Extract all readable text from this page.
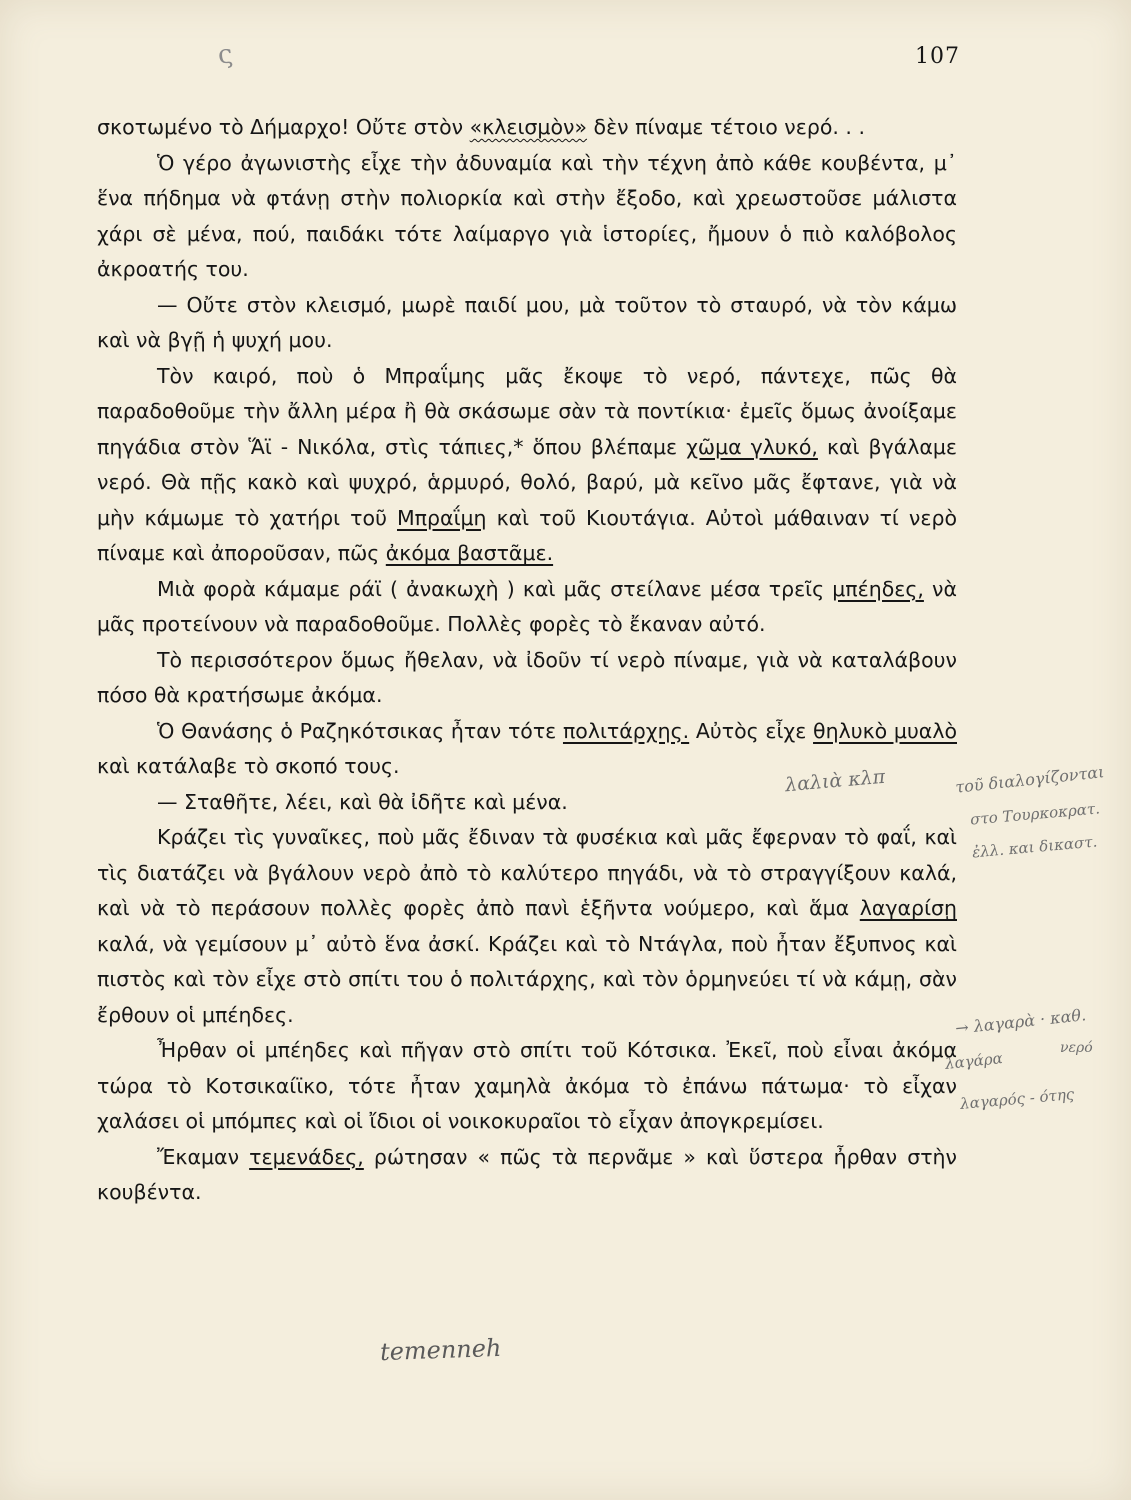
ς	107

σκοτωμένο τὸ Δήμαρχο! Οὔτε στὸν «κλεισμὸν» δὲν πίναμε τέτοιο νερό. . .

Ὁ γέρο ἀγωνιστὴς εἶχε τὴν ἀδυναμία καὶ τὴν τέχνη ἀπὸ κάθε κουβέντα, μ᾽ ἕνα πήδημα νὰ φτάνῃ στὴν πολιορκία καὶ στὴν ἔξοδο, καὶ χρεωστοῦσε μάλιστα χάρι σὲ μένα, πού, παιδάκι τότε λαίμαργο γιὰ ἱστορίες, ἤμουν ὁ πιὸ καλόβολος ἀκροατής του.

— Οὔτε στὸν κλεισμό, μωρὲ παιδί μου, μὰ τοῦτον τὸ σταυρό, νὰ τὸν κάμω καὶ νὰ βγῇ ἡ ψυχή μου.

Τὸν καιρό, ποὺ ὁ Μπραΐμης μᾶς ἔκοψε τὸ νερό, πάντεχε, πῶς θὰ παραδοθοῦμε τὴν ἄλλη μέρα ἢ θὰ σκάσωμε σὰν τὰ ποντίκια· ἐμεῖς ὅμως ἀνοίξαμε πηγάδια στὸν Ἅϊ - Νικόλα, στὶς τάπιες,* ὅπου βλέπαμε χῶμα γλυκό, καὶ βγάλαμε νερό. Θὰ πῇς κακὸ καὶ ψυχρό, ἁρμυρό, θολό, βαρύ, μὰ κεῖνο μᾶς ἔφτανε, γιὰ νὰ μὴν κάμωμε τὸ χατήρι τοῦ Μπραΐμη καὶ τοῦ Κιουτάγια. Αὐτοὶ μάθαιναν τί νερὸ πίναμε καὶ ἀποροῦσαν, πῶς ἀκόμα βαστᾶμε.

Μιὰ φορὰ κάμαμε ράϊ ( ἀνακωχὴ ) καὶ μᾶς στείλανε μέσα τρεῖς μπέηδες, νὰ μᾶς προτείνουν νὰ παραδοθοῦμε. Πολλὲς φορὲς τὸ ἔκαναν αὐτό.

Τὸ περισσότερον ὅμως ἤθελαν, νὰ ἰδοῦν τί νερὸ πίναμε, γιὰ νὰ καταλάβουν πόσο θὰ κρατήσωμε ἀκόμα.

Ὁ Θανάσης ὁ Ραζηκότσικας ἦταν τότε πολιτάρχης. Αὐτὸς εἶχε θηλυκὸ μυαλὸ καὶ κατάλαβε τὸ σκοπό τους.

— Σταθῆτε, λέει, καὶ θὰ ἰδῆτε καὶ μένα.

Κράζει τὶς γυναῖκες, ποὺ μᾶς ἔδιναν τὰ φυσέκια καὶ μᾶς ἔφερναν τὸ φαΐ, καὶ τὶς διατάζει νὰ βγάλουν νερὸ ἀπὸ τὸ καλύτερο πηγάδι, νὰ τὸ στραγγίξουν καλά, καὶ νὰ τὸ περάσουν πολλὲς φορὲς ἀπὸ πανὶ ἑξῆντα νούμερο, καὶ ἅμα λαγαρίσῃ καλά, νὰ γεμίσουν μ᾽ αὐτὸ ἕνα ἀσκί. Κράζει καὶ τὸ Ντάγλα, ποὺ ἦταν ἔξυπνος καὶ πιστὸς καὶ τὸν εἶχε στὸ σπίτι του ὁ πολιτάρχης, καὶ τὸν ὁρμηνεύει τί νὰ κάμῃ, σὰν ἔρθουν οἱ μπέηδες.

Ἦρθαν οἱ μπέηδες καὶ πῆγαν στὸ σπίτι τοῦ Κότσικα. Ἐκεῖ, ποὺ εἶναι ἀκόμα τώρα τὸ Κοτσικαίϊκο, τότε ἦταν χαμηλὰ ἀκόμα τὸ ἐπάνω πάτωμα· τὸ εἶχαν χαλάσει οἱ μπόμπες καὶ οἱ ἴδιοι οἱ νοικοκυραῖοι τὸ εἶχαν ἀπογκρεμίσει.

Ἔκαμαν τεμενάδες, ρώτησαν « πῶς τὰ περνᾶμε » καὶ ὕστερα ἦρθαν στὴν κουβέντα.

λαλιὰ κλπ	τοῦ διαλογίζονται
στο Τουρκοκρατ.
ἐλλ. και δικαστ.
→ λαγαρὰ · καθ.
νερό
λαγάρα
λαγαρός - ότης
temenneh
